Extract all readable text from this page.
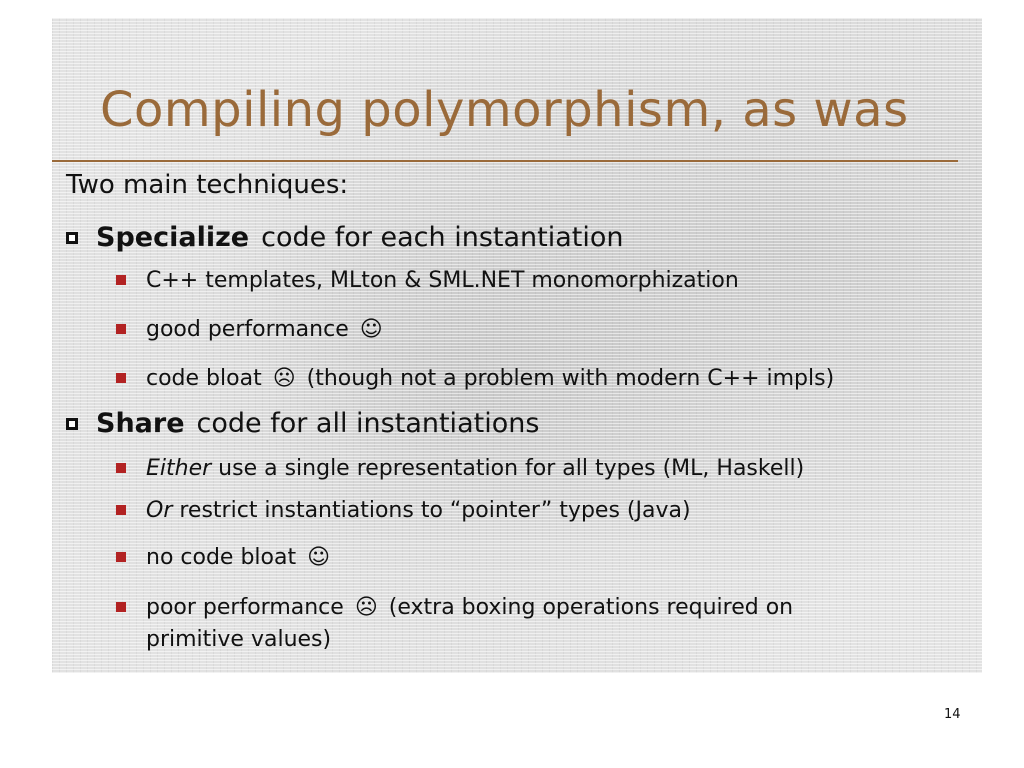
Compiling polymorphism, as was
Two main techniques:
Specialize code for each instantiation
C++ templates, MLton & SML.NET monomorphization
good performance ☺
code bloat ☹ (though not a problem with modern C++ impls)
Share code for all instantiations
Either use a single representation for all types (ML, Haskell)
Or restrict instantiations to “pointer” types (Java)
no code bloat ☺
poor performance ☹ (extra boxing operations required on
primitive values)
14
